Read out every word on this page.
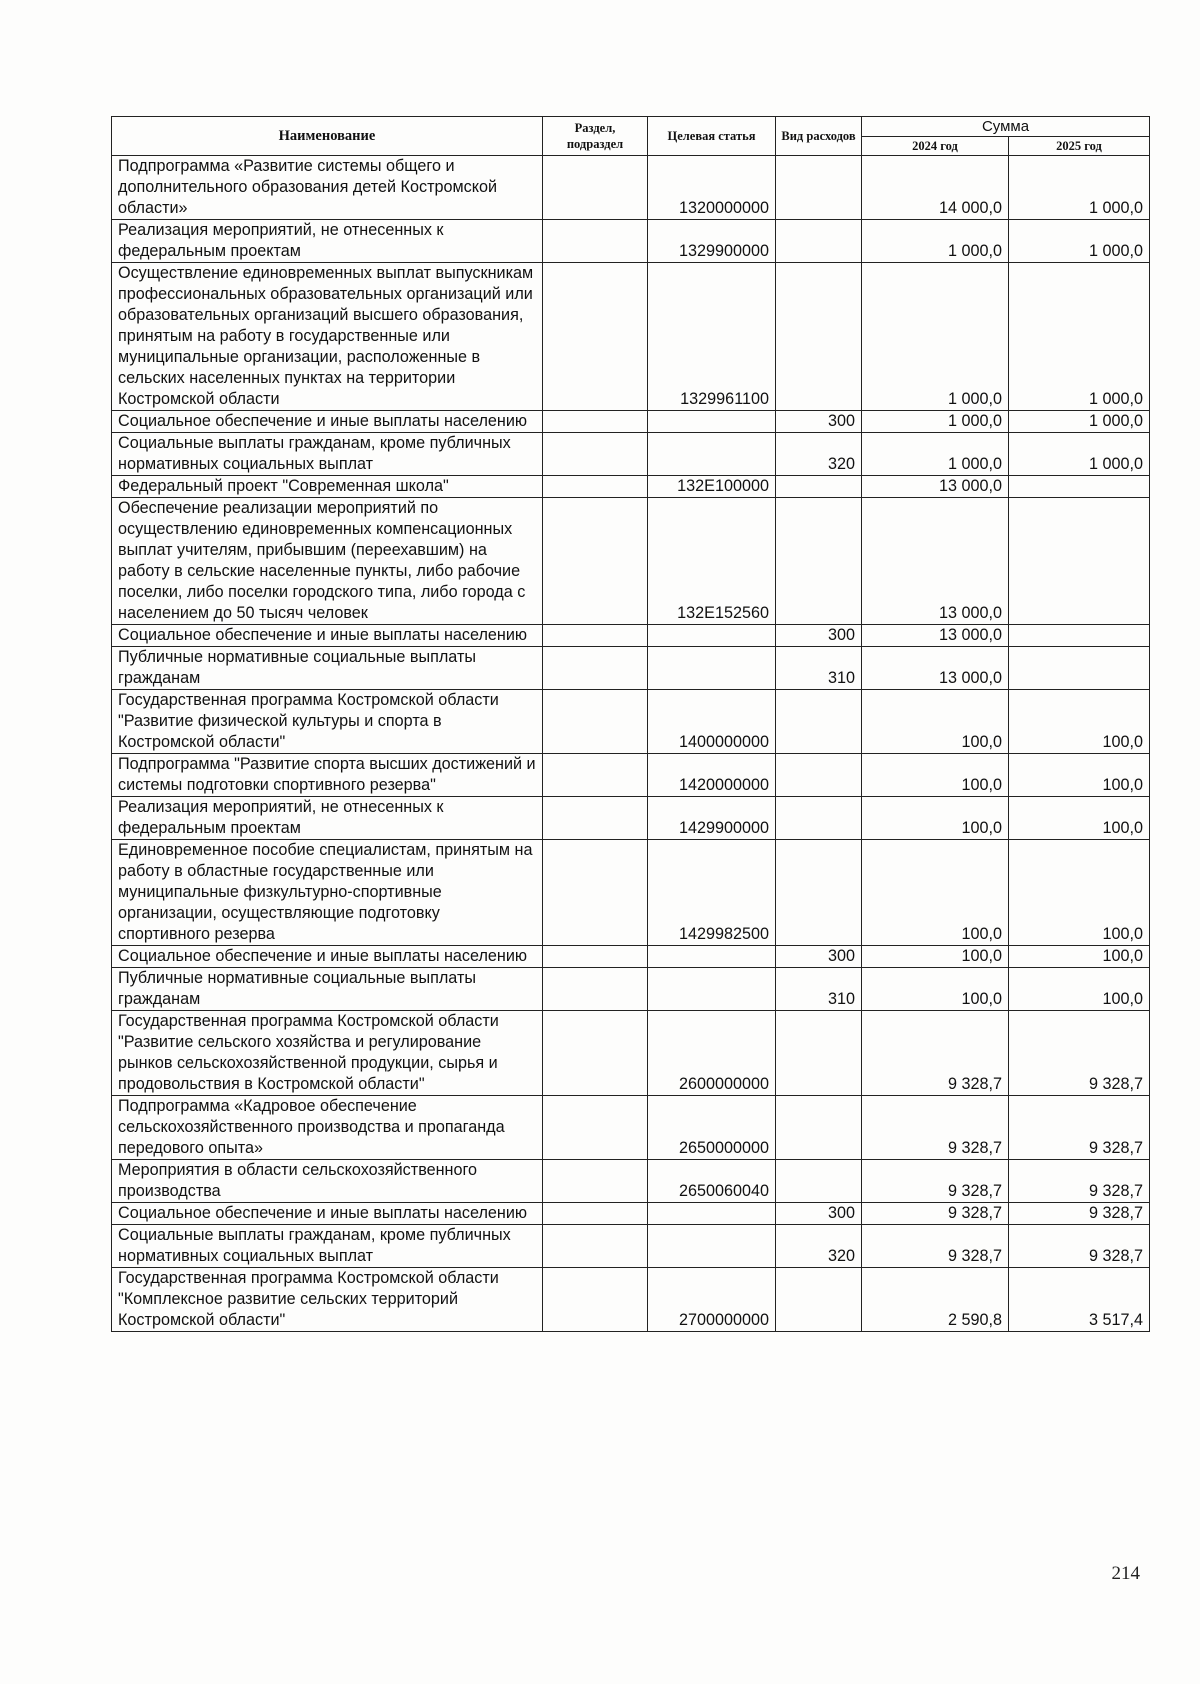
Наименование	Раздел, подраздел	Целевая статья	Вид расходов	Сумма	
				2024 год	2025 год
Подпрограмма «Развитие системы общего и дополнительного образования детей Костромской области»		1320000000		14 000,0	1 000,0
Реализация мероприятий, не отнесенных к федеральным проектам		1329900000		1 000,0	1 000,0
Осуществление единовременных выплат выпускникам профессиональных образовательных организаций или образовательных организаций высшего образования, принятым на работу в государственные или муниципальные организации, расположенные в сельских населенных пунктах на территории Костромской области		1329961100		1 000,0	1 000,0
Социальное обеспечение и иные выплаты населению			300	1 000,0	1 000,0
Социальные выплаты гражданам, кроме публичных нормативных социальных выплат			320	1 000,0	1 000,0
Федеральный проект "Современная школа"		132E100000		13 000,0	
Обеспечение реализации мероприятий по осуществлению единовременных компенсационных выплат учителям, прибывшим (переехавшим) на работу в сельские населенные пункты, либо рабочие поселки, либо поселки городского типа, либо города с населением до 50 тысяч человек		132E152560		13 000,0	
Социальное обеспечение и иные выплаты населению			300	13 000,0	
Публичные нормативные социальные выплаты гражданам			310	13 000,0	
Государственная программа Костромской области "Развитие физической культуры и спорта в Костромской области"		1400000000		100,0	100,0
Подпрограмма "Развитие спорта высших достижений и системы подготовки спортивного резерва"		1420000000		100,0	100,0
Реализация мероприятий, не отнесенных к федеральным проектам		1429900000		100,0	100,0
Единовременное пособие специалистам, принятым на работу в областные государственные или муниципальные физкультурно-спортивные организации, осуществляющие подготовку спортивного резерва		1429982500		100,0	100,0
Социальное обеспечение и иные выплаты населению			300	100,0	100,0
Публичные нормативные социальные выплаты гражданам			310	100,0	100,0
Государственная программа Костромской области "Развитие сельского хозяйства и регулирование рынков сельскохозяйственной продукции, сырья и продовольствия в Костромской области"		2600000000		9 328,7	9 328,7
Подпрограмма «Кадровое обеспечение сельскохозяйственного производства и пропаганда передового опыта»		2650000000		9 328,7	9 328,7
Мероприятия в области сельскохозяйственного производства		2650060040		9 328,7	9 328,7
Социальное обеспечение и иные выплаты населению			300	9 328,7	9 328,7
Социальные выплаты гражданам, кроме публичных нормативных социальных выплат			320	9 328,7	9 328,7
Государственная программа Костромской области "Комплексное развитие сельских территорий Костромской области"		2700000000		2 590,8	3 517,4
214
